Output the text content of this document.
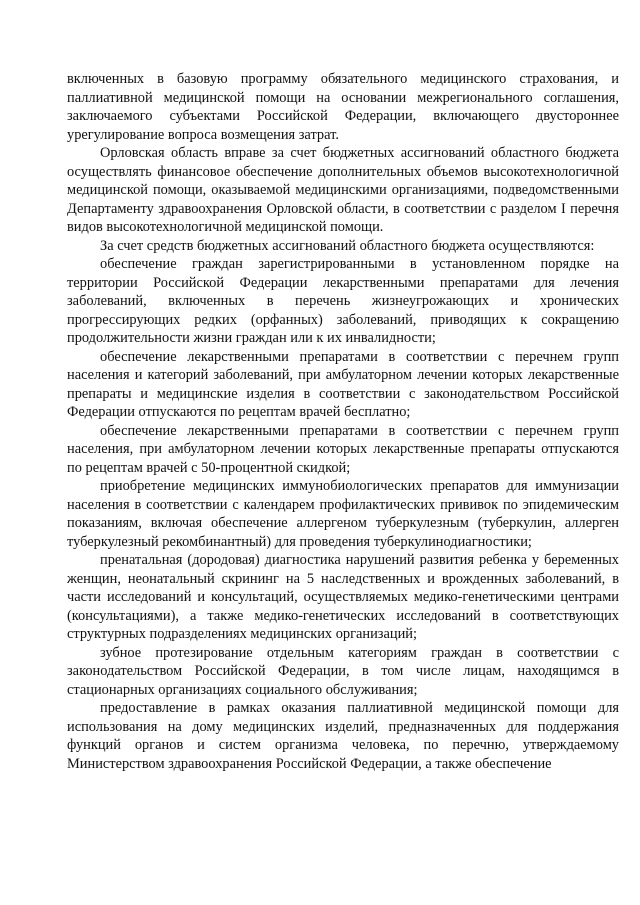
включенных в базовую программу обязательного медицинского страхования, и паллиативной медицинской помощи на основании межрегионального соглашения, заключаемого субъектами Российской Федерации, включающего двустороннее урегулирование вопроса возмещения затрат.

Орловская область вправе за счет бюджетных ассигнований областного бюджета осуществлять финансовое обеспечение дополнительных объемов высокотехнологичной медицинской помощи, оказываемой медицинскими организациями, подведомственными Департаменту здравоохранения Орловской области, в соответствии с разделом I перечня видов высокотехнологичной медицинской помощи.

За счет средств бюджетных ассигнований областного бюджета осуществляются:

обеспечение граждан зарегистрированными в установленном порядке на территории Российской Федерации лекарственными препаратами для лечения заболеваний, включенных в перечень жизнеугрожающих и хронических прогрессирующих редких (орфанных) заболеваний, приводящих к сокращению продолжительности жизни граждан или к их инвалидности;

обеспечение лекарственными препаратами в соответствии с перечнем групп населения и категорий заболеваний, при амбулаторном лечении которых лекарственные препараты и медицинские изделия в соответствии с законодательством Российской Федерации отпускаются по рецептам врачей бесплатно;

обеспечение лекарственными препаратами в соответствии с перечнем групп населения, при амбулаторном лечении которых лекарственные препараты отпускаются по рецептам врачей с 50-процентной скидкой;

приобретение медицинских иммунобиологических препаратов для иммунизации населения в соответствии с календарем профилактических прививок по эпидемическим показаниям, включая обеспечение аллергеном туберкулезным (туберкулин, аллерген туберкулезный рекомбинантный) для проведения туберкулинодиагностики;

пренатальная (дородовая) диагностика нарушений развития ребенка у беременных женщин, неонатальный скрининг на 5 наследственных и врожденных заболеваний, в части исследований и консультаций, осуществляемых медико-генетическими центрами (консультациями), а также медико-генетических исследований в соответствующих структурных подразделениях медицинских организаций;

зубное протезирование отдельным категориям граждан в соответствии с законодательством Российской Федерации, в том числе лицам, находящимся в стационарных организациях социального обслуживания;

предоставление в рамках оказания паллиативной медицинской помощи для использования на дому медицинских изделий, предназначенных для поддержания функций органов и систем организма человека, по перечню, утверждаемому Министерством здравоохранения Российской Федерации, а также обеспечение
